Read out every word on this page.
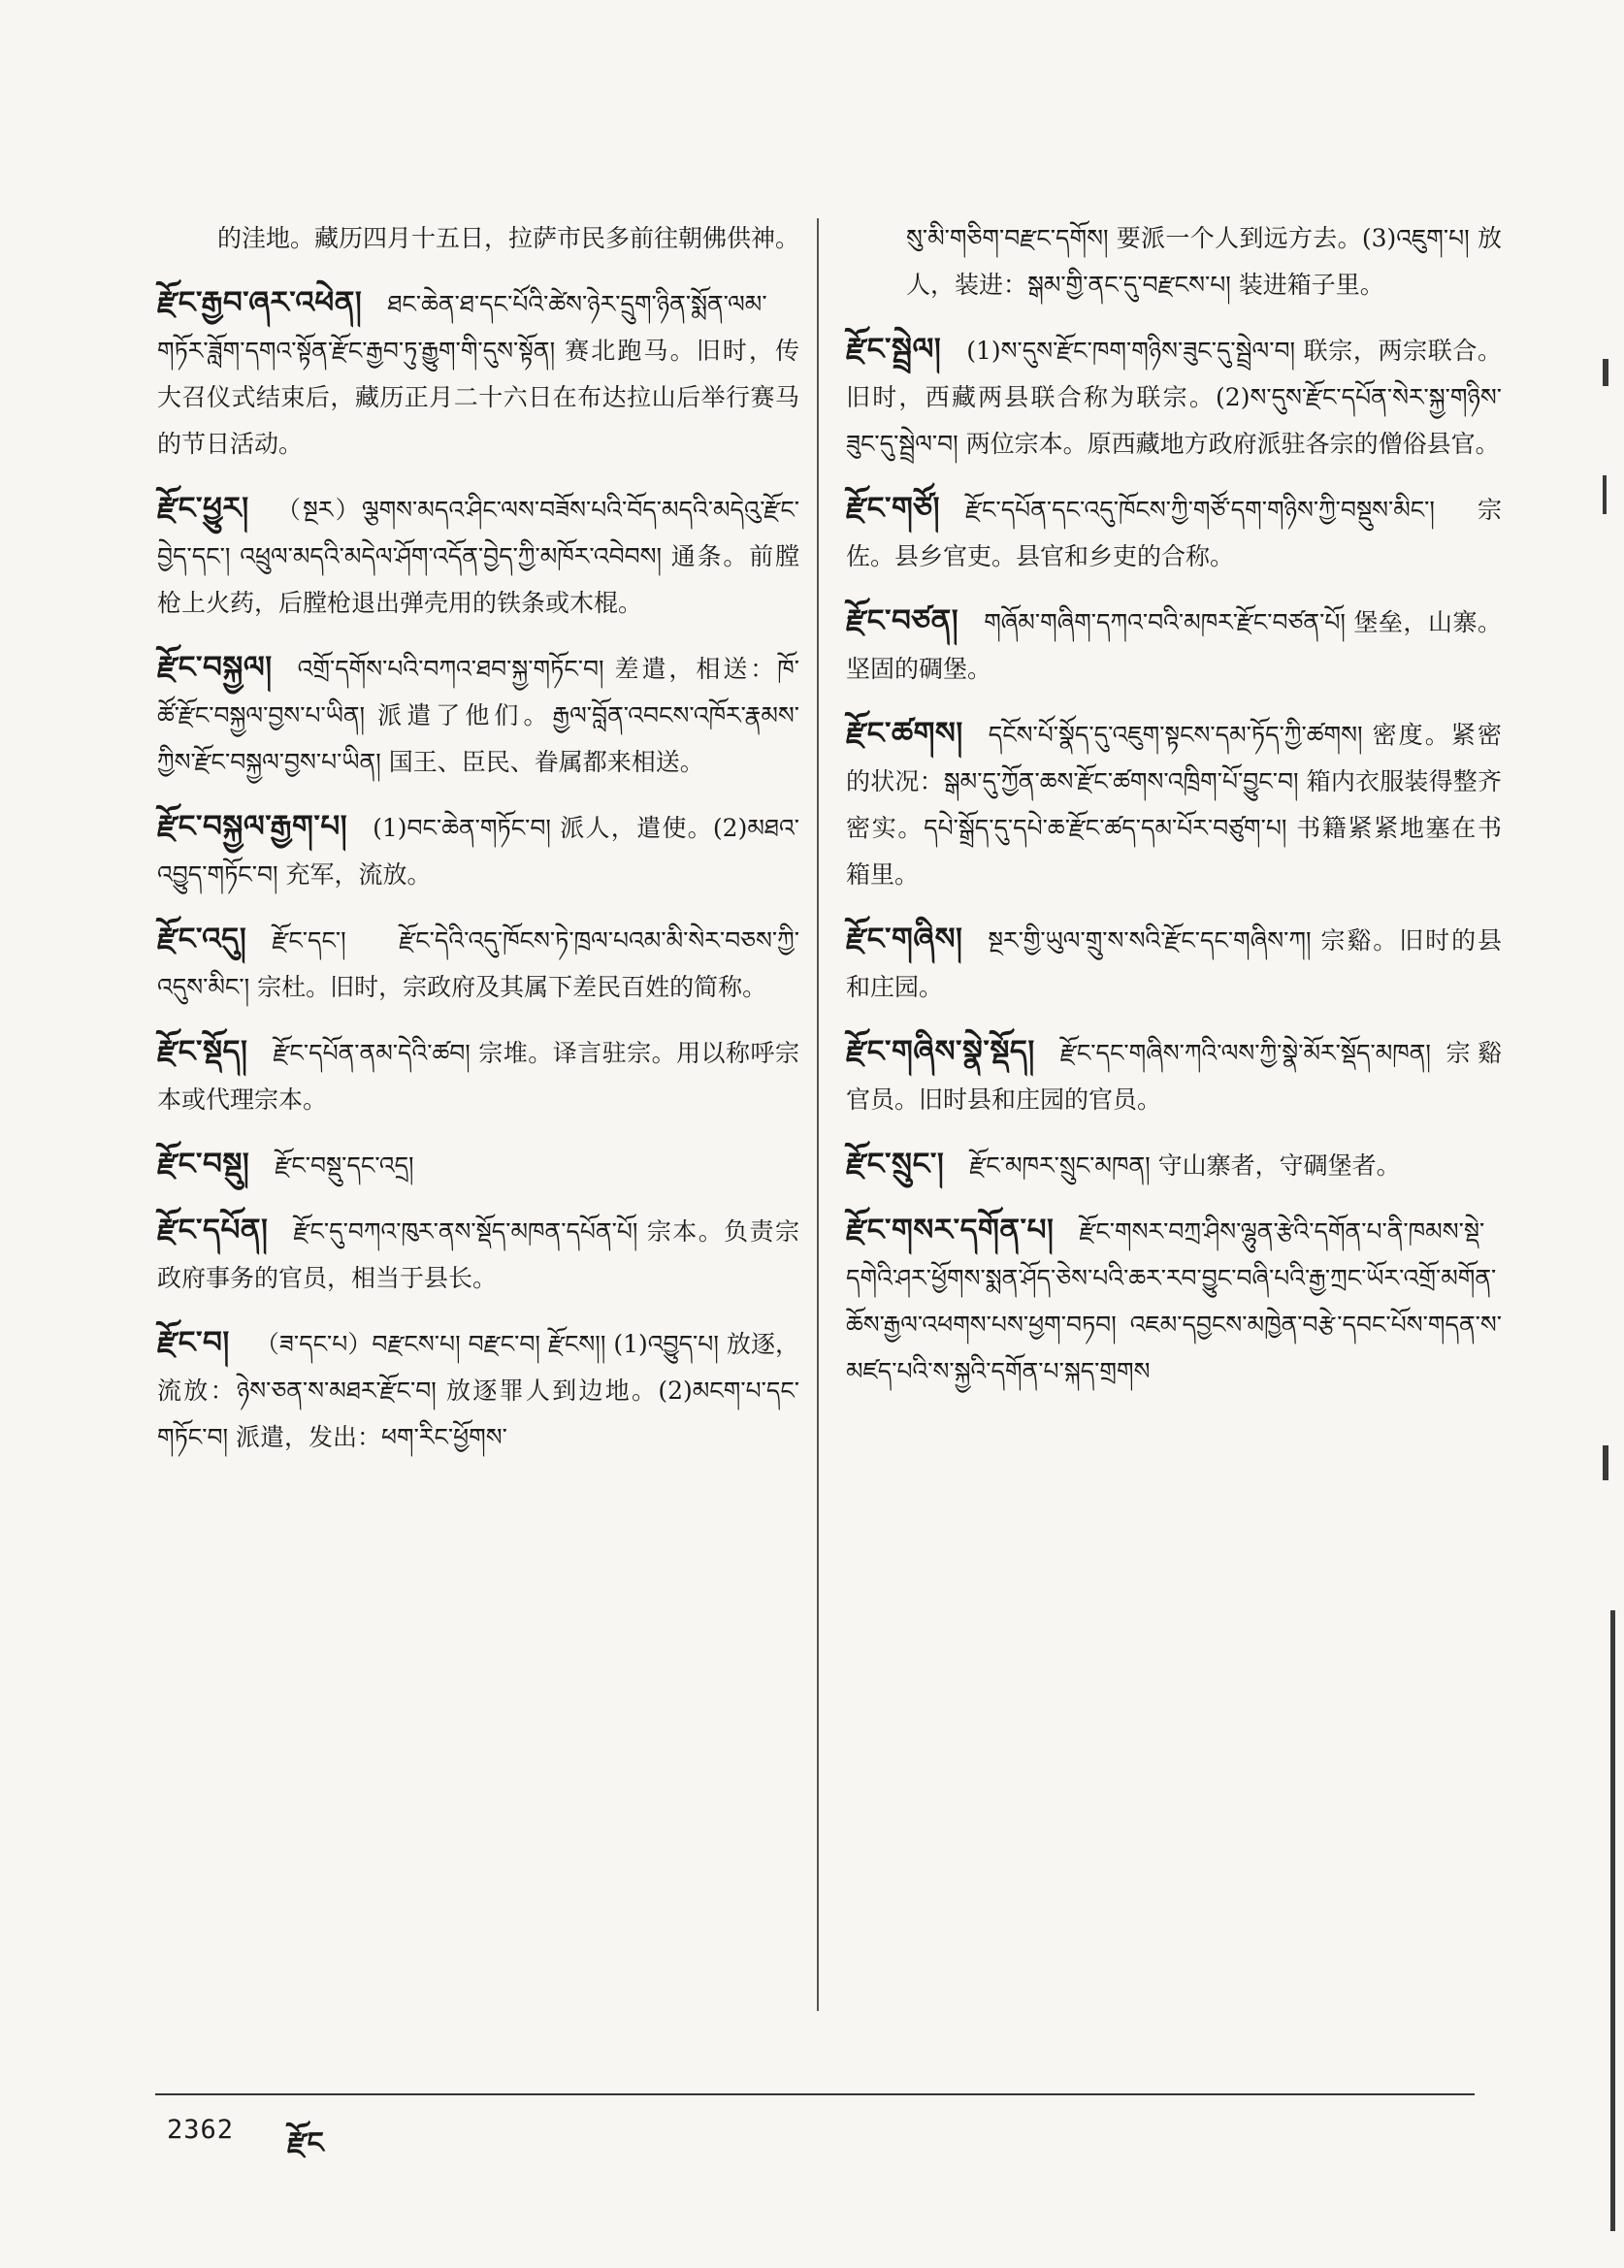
的洼地。藏历四月十五日，拉萨市民多前往朝佛供神。
རྫོང་རྒྱབ་ཞར་འཕེན། ཐང་ཆེན་ཐ་དང་པོའི་ཚེས་ཉེར་དྲུག་ཉིན་སྨོན་ལམ་གཏོར་ཟློག་དགའ་སྟོན་རྫོང་རྒྱབ་ཏུ་རྒྱུག་གི་དུས་སྟོན། 赛北跑马。旧时，传大召仪式结束后，藏历正月二十六日在布达拉山后举行赛马的节日活动。
རྫོང་ཕྱུར། （སྔར）ལྕགས་མདའ་ཤིང་ལས་བཟོས་པའི་བོད་མདའི་མདེའུ་རྫོང་བྱེད་དང་། འཕྲུལ་མདའི་མདེལ་ཤོག་འདོན་བྱེད་ཀྱི་མཁོར་འབེབས། 通条。前膛枪上火药，后膛枪退出弹壳用的铁条或木棍。
རྫོང་བསྐྱལ། འགྲོ་དགོས་པའི་བཀའ་ཐབ་སྐྱ་གཏོང་བ། 差遣，相送：ཁོ་ཚོ་རྫོང་བསྐྱལ་བྱས་པ་ཡིན། 派遣了他们。རྒྱལ་བློན་འབངས་འཁོར་རྣམས་ཀྱིས་རྫོང་བསྐྱལ་བྱས་པ་ཡིན། 国王、臣民、眷属都来相送。
རྫོང་བསྐྱལ་རྒྱག་པ། (1)བང་ཆེན་གཏོང་བ། 派人，遣使。(2)མཐའ་འབྱུད་གཏོང་བ། 充军，流放。
རྫོང་འདུ། རྫོང་དང་། རྫོང་དེའི་འདུ་ཁོངས་ཏེ་ཁྲལ་པའམ་མི་སེར་བཅས་ཀྱི་འདུས་མིང་། 宗杜。旧时，宗政府及其属下差民百姓的简称。
རྫོང་སྡོད། རྫོང་དཔོན་ནམ་དེའི་ཚབ། 宗堆。译言驻宗。用以称呼宗本或代理宗本。
རྫོང་བསྡུ། རྫོང་བསྡུ་དང་འདྲ།
རྫོང་དཔོན། རྫོང་དུ་བཀའ་ཁུར་ནས་སྡོད་མཁན་དཔོན་པོ། 宗本。负责宗政府事务的官员，相当于县长。
རྫོང་བ། （ཟ་དང་པ）བརྫངས་པ། བརྫང་བ། རྫོངས།། (1)འབྱུད་པ། 放逐，流放：ཉེས་ཅན་ས་མཐར་རྫོང་བ། 放逐罪人到边地。(2)མངག་པ་དང་གཏོང་བ། 派遣，发出：ཕག་རིང་ཕྱོགས་
སུ་མི་གཅིག་བརྫང་དགོས། 要派一个人到远方去。(3)འཇུག་པ། 放人，装进：སྒམ་གྱི་ནང་དུ་བརྫངས་པ། 装进箱子里。
རྫོང་སྦྲེལ། (1)ས་དུས་རྫོང་ཁག་གཉིས་ཟུང་དུ་སྦྲེལ་བ། 联宗，两宗联合。旧时，西藏两县联合称为联宗。(2)ས་དུས་རྫོང་དཔོན་སེར་སྐྱ་གཉིས་ཟུང་དུ་སྦྲེལ་བ། 两位宗本。原西藏地方政府派驻各宗的僧俗县官。
རྫོང་གཙོ། རྫོང་དཔོན་དང་འདུ་ཁོངས་ཀྱི་གཙོ་དག་གཉིས་ཀྱི་བསྡུས་མིང་། 宗佐。县乡官吏。县官和乡吏的合称。
རྫོང་བཙན། གཞོམ་གཞིག་དཀའ་བའི་མཁར་རྫོང་བཙན་པོ། 堡垒，山寨。坚固的碉堡。
རྫོང་ཚགས། དངོས་པོ་སྣོད་དུ་འཇུག་སྟངས་དམ་ཏོད་ཀྱི་ཚགས། 密度。紧密的状况：སྒམ་དུ་ཀྱོན་ཆས་རྫོང་ཚགས་འཁྲིག་པོ་བྱུང་བ། 箱内衣服装得整齐密实。དཔེ་སྒྲོད་དུ་དཔེ་ཆ་རྫོང་ཚད་དམ་པོར་བཙུག་པ། 书籍紧紧地塞在书箱里。
རྫོང་གཞིས། སྔར་གྱི་ཡུལ་གྲུ་ས་སའི་རྫོང་དང་གཞིས་ཀ། 宗谿。旧时的县和庄园。
རྫོང་གཞིས་སྣེ་སྡོད། རྫོང་དང་གཞིས་ཀའི་ལས་ཀྱི་སྣེ་མོར་སྡོད་མཁན། 宗谿官员。旧时县和庄园的官员。
རྫོང་སྲུང་། རྫོང་མཁར་སྲུང་མཁན། 守山寨者，守碉堡者。
རྫོང་གསར་དགོན་པ། རྫོང་གསར་བཀྲ་ཤིས་ལྷུན་རྩེའི་དགོན་པ་ནི་ཁམས་སྡེ་དགེའི་ཤར་ཕྱོགས་སྨན་ཤོད་ཅེས་པའི་ཆར་རབ་བྱུང་བཞི་པའི་རྒྱ་ཀྲང་ཡོར་འགྲོ་མགོན་ཆོས་རྒྱལ་འཕགས་པས་ཕྱག་བཏབ། འཇམ་དབྱངས་མཁྱེན་བརྩེ་དབང་པོས་གདན་ས་མཛད་པའི་ས་སྐྱའི་དགོན་པ་སྐད་གྲགས
2362 རྫོང
